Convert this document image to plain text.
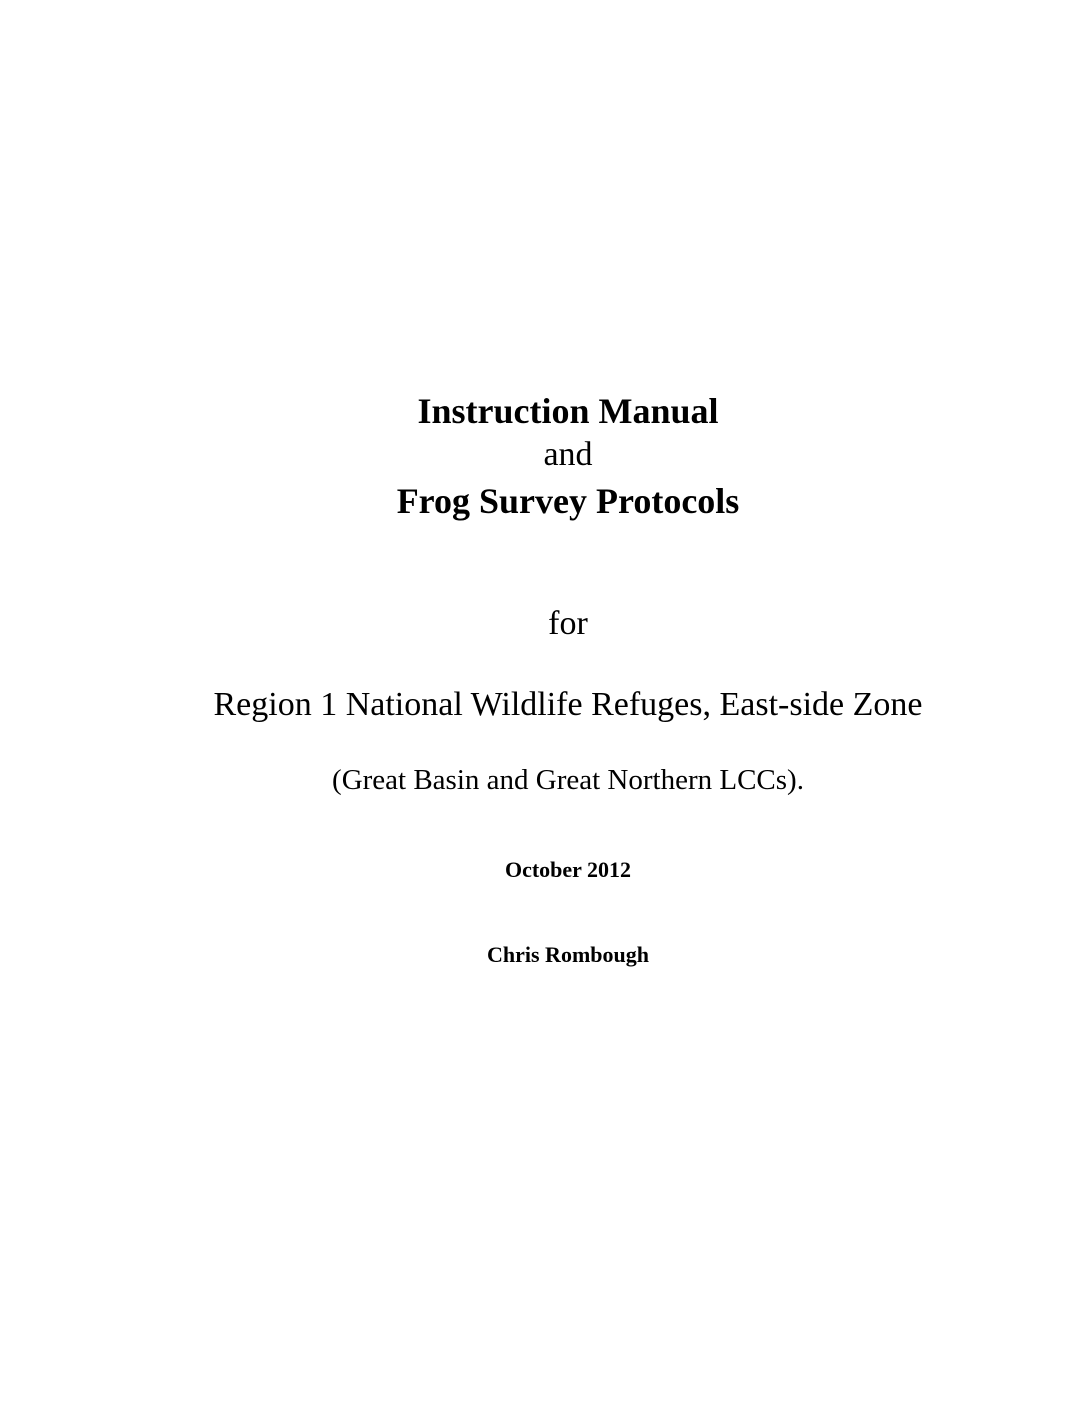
Instruction Manual
and
Frog Survey Protocols
for
Region 1 National Wildlife Refuges, East-side Zone
(Great Basin and Great Northern LCCs).
October 2012
Chris Rombough
